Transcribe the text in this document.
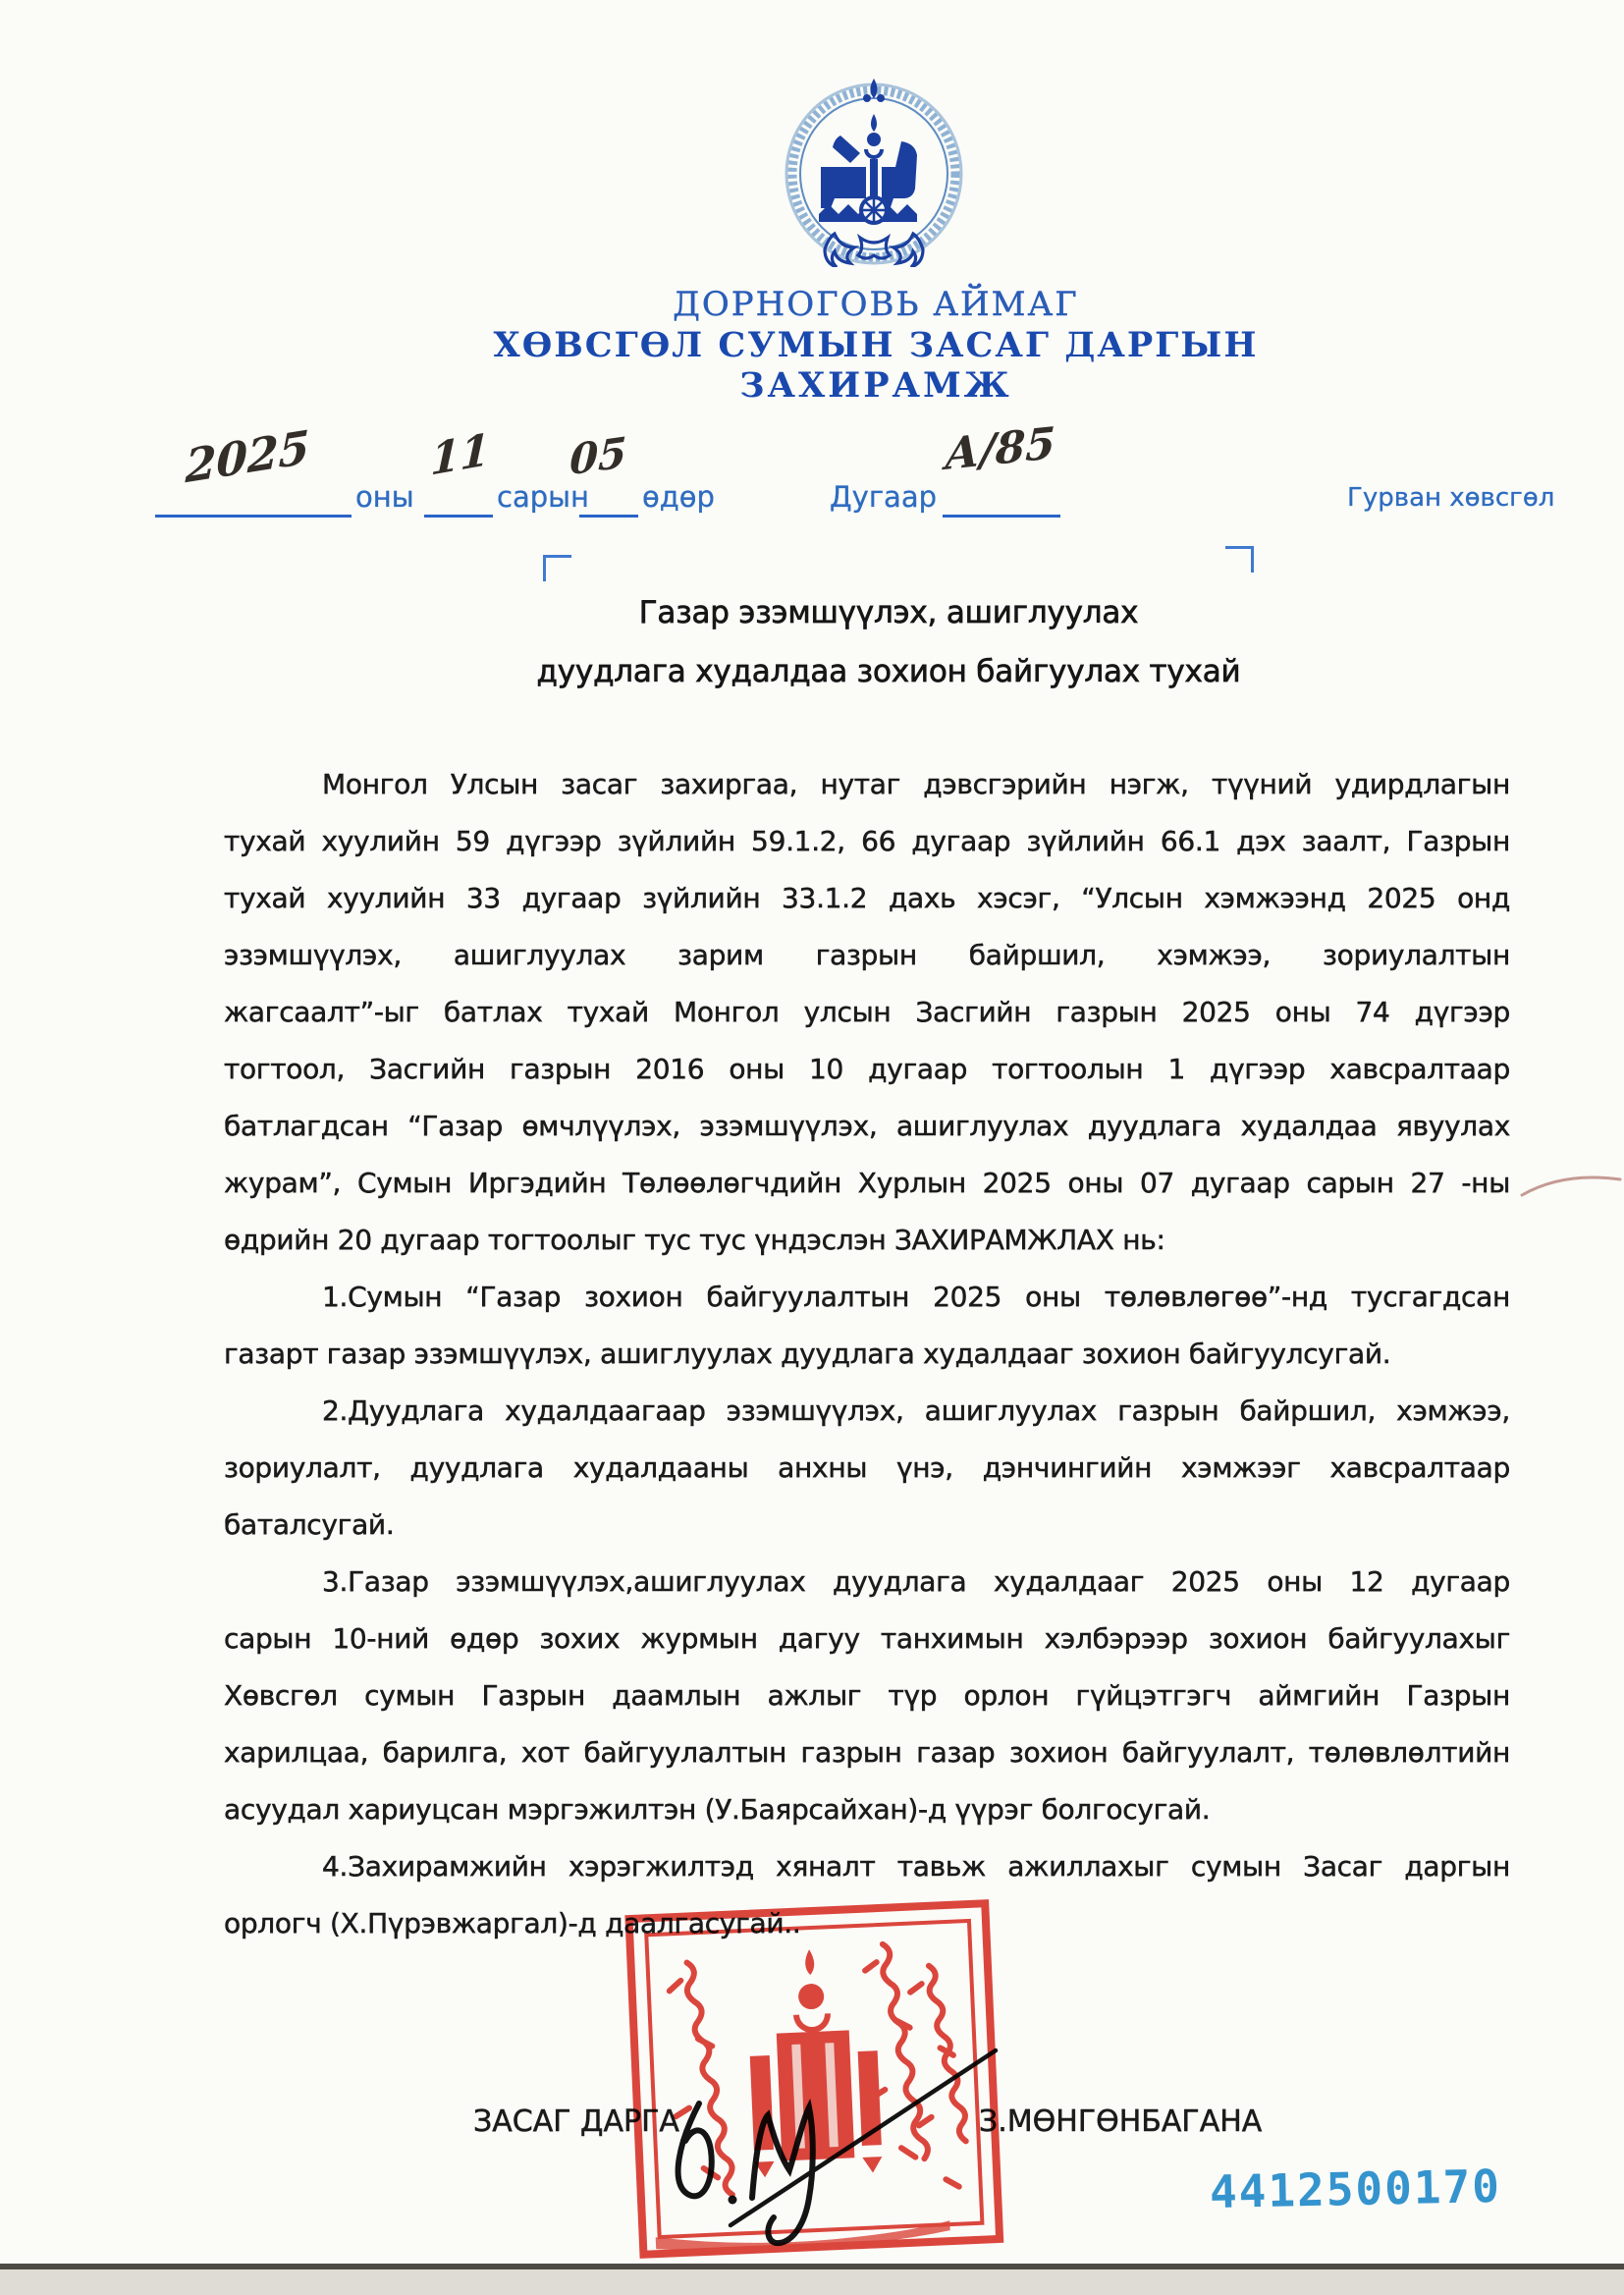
ДОРНОГОВЬ АЙМАГ
ХӨВСГӨЛ СУМЫН ЗАСАГ ДАРГЫН
ЗАХИРАМЖ
2025
оны
11
сарын
05
өдөр	Дугаар
А/85
Гурван хөвсгөл
Газар эзэмшүүлэх, ашиглуулах
дуудлага худалдаа зохион байгуулах тухай
Монгол Улсын засаг захиргаа, нутаг дэвсгэрийн нэгж, түүний удирдлагын
тухай хуулийн 59 дүгээр зүйлийн 59.1.2, 66 дугаар зүйлийн 66.1 дэх заалт, Газрын
тухай хуулийн 33 дугаар зүйлийн 33.1.2 дахь хэсэг, “Улсын хэмжээнд 2025 онд
эзэмшүүлэх, ашиглуулах зарим газрын байршил, хэмжээ, зориулалтын
жагсаалт”-ыг батлах тухай Монгол улсын Засгийн газрын 2025 оны 74 дүгээр
тогтоол, Засгийн газрын 2016 оны 10 дугаар тогтоолын 1 дүгээр хавсралтаар
батлагдсан “Газар өмчлүүлэх, эзэмшүүлэх, ашиглуулах дуудлага худалдаа явуулах
журам”, Сумын Иргэдийн Төлөөлөгчдийн Хурлын 2025 оны 07 дугаар сарын 27 -ны
өдрийн 20 дугаар тогтоолыг тус тус үндэслэн ЗАХИРАМЖЛАХ нь:
1.Сумын “Газар зохион байгуулалтын 2025 оны төлөвлөгөө”-нд тусгагдсан
газарт газар эзэмшүүлэх, ашиглуулах дуудлага худалдааг зохион байгуулсугай.
2.Дуудлага худалдаагаар эзэмшүүлэх, ашиглуулах газрын байршил, хэмжээ,
зориулалт, дуудлага худалдааны анхны үнэ, дэнчингийн хэмжээг хавсралтаар
баталсугай.
3.Газар эзэмшүүлэх,ашиглуулах дуудлага худалдааг 2025 оны 12 дугаар
сарын 10-ний өдөр зохих журмын дагуу танхимын хэлбэрээр зохион байгуулахыг
Хөвсгөл сумын Газрын даамлын ажлыг түр орлон гүйцэтгэгч аймгийн Газрын
харилцаа, барилга, хот байгуулалтын газрын газар зохион байгуулалт, төлөвлөлтийн
асуудал хариуцсан мэргэжилтэн (У.Баярсайхан)-д үүрэг болгосугай.
4.Захирамжийн хэрэгжилтэд хяналт тавьж ажиллахыг сумын Засаг даргын
орлогч (Х.Пүрэвжаргал)-д даалгасугай..
ЗАСАГ ДАРГА	З.МӨНГӨНБАГАНА
4412500170
